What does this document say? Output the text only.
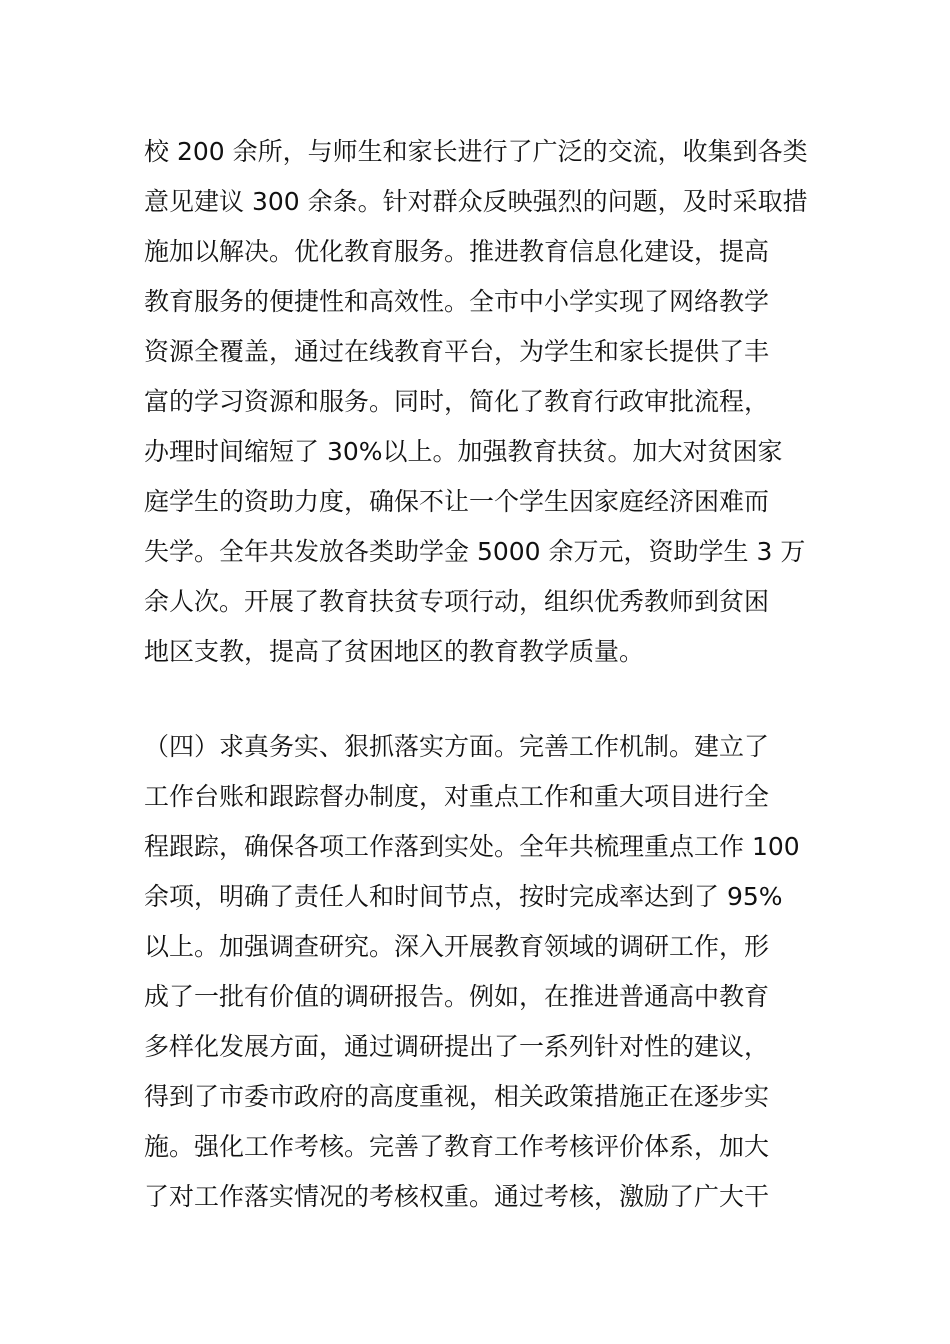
校 200 余所，与师生和家长进行了广泛的交流，收集到各类
意见建议 300 余条。针对群众反映强烈的问题，及时采取措
施加以解决。优化教育服务。推进教育信息化建设，提高
教育服务的便捷性和高效性。全市中小学实现了网络教学
资源全覆盖，通过在线教育平台，为学生和家长提供了丰
富的学习资源和服务。同时，简化了教育行政审批流程，
办理时间缩短了 30%以上。加强教育扶贫。加大对贫困家
庭学生的资助力度，确保不让一个学生因家庭经济困难而
失学。全年共发放各类助学金 5000 余万元，资助学生 3 万
余人次。开展了教育扶贫专项行动，组织优秀教师到贫困
地区支教，提高了贫困地区的教育教学质量。
（四）求真务实、狠抓落实方面。完善工作机制。建立了
工作台账和跟踪督办制度，对重点工作和重大项目进行全
程跟踪，确保各项工作落到实处。全年共梳理重点工作 100
余项，明确了责任人和时间节点，按时完成率达到了 95%
以上。加强调查研究。深入开展教育领域的调研工作，形
成了一批有价值的调研报告。例如，在推进普通高中教育
多样化发展方面，通过调研提出了一系列针对性的建议，
得到了市委市政府的高度重视，相关政策措施正在逐步实
施。强化工作考核。完善了教育工作考核评价体系，加大
了对工作落实情况的考核权重。通过考核，激励了广大干
